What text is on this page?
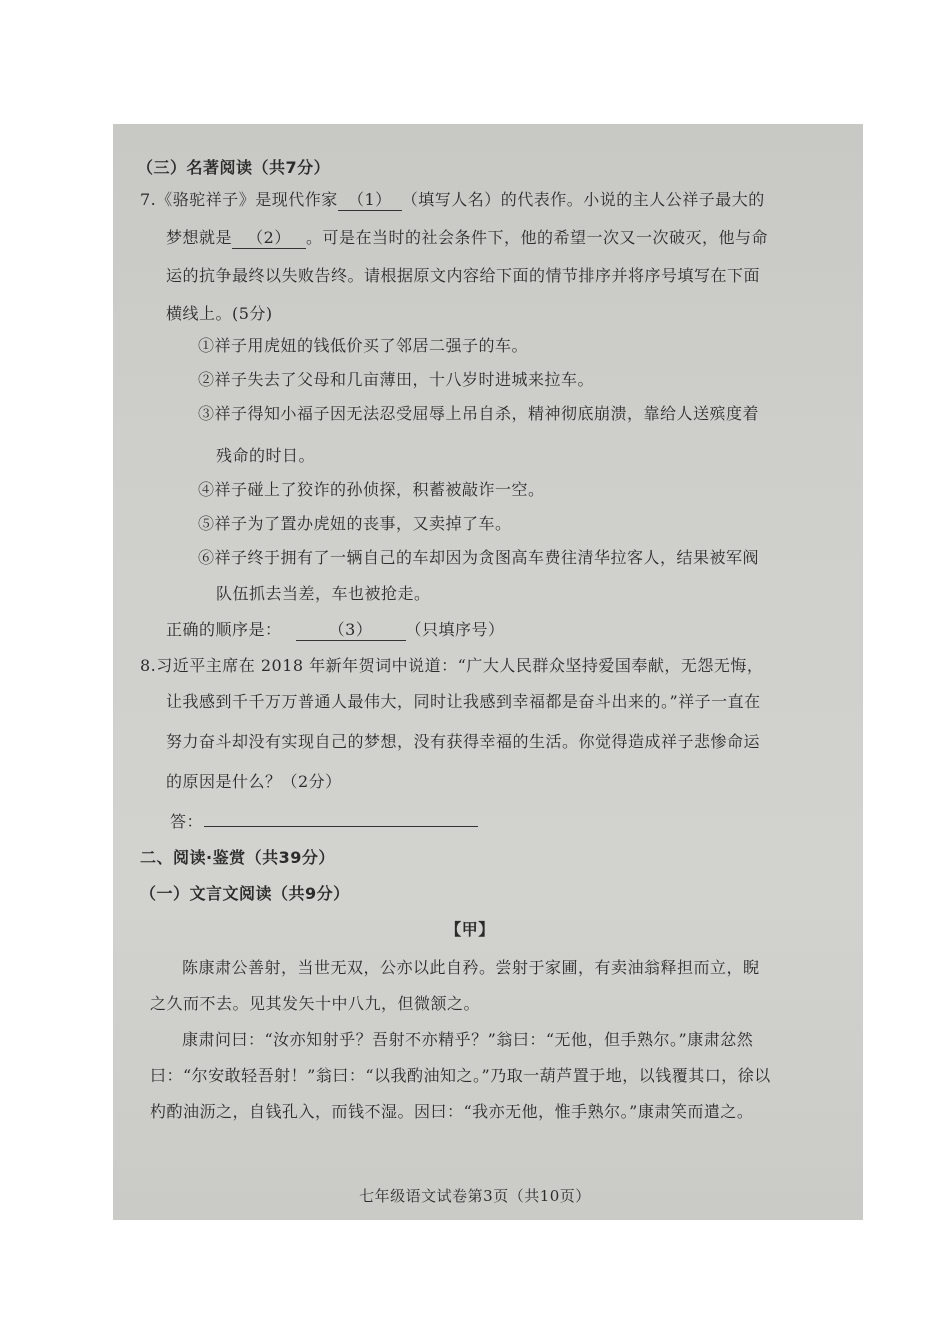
（三）名著阅读（共7分）
7.《骆驼祥子》是现代作家 （1） （填写人名）的代表作。小说的主人公祥子最大的
梦想就是 （2） 。可是在当时的社会条件下，他的希望一次又一次破灭，他与命
运的抗争最终以失败告终。请根据原文内容给下面的情节排序并将序号填写在下面
横线上。(5分)
①祥子用虎妞的钱低价买了邻居二强子的车。
②祥子失去了父母和几亩薄田，十八岁时进城来拉车。
③祥子得知小福子因无法忍受屈辱上吊自杀，精神彻底崩溃，靠给人送殡度着
残命的时日。
④祥子碰上了狡诈的孙侦探，积蓄被敲诈一空。
⑤祥子为了置办虎妞的丧事，又卖掉了车。
⑥祥子终于拥有了一辆自己的车却因为贪图高车费往清华拉客人，结果被军阀
队伍抓去当差，车也被抢走。
正确的顺序是：	（3） （只填序号）
8.习近平主席在 2018 年新年贺词中说道：“广大人民群众坚持爱国奉献，无怨无悔，
让我感到千千万万普通人最伟大，同时让我感到幸福都是奋斗出来的。”祥子一直在
努力奋斗却没有实现自己的梦想，没有获得幸福的生活。你觉得造成祥子悲惨命运
的原因是什么？（2分）
答：
二、阅读·鉴赏（共39分）
（一）文言文阅读（共9分）
【甲】
陈康肃公善射，当世无双，公亦以此自矜。尝射于家圃，有卖油翁释担而立，睨
之久而不去。见其发矢十中八九，但微颔之。
康肃问曰：“汝亦知射乎？吾射不亦精乎？”翁曰：“无他，但手熟尔。”康肃忿然
曰：“尔安敢轻吾射！”翁曰：“以我酌油知之。”乃取一葫芦置于地，以钱覆其口，徐以
杓酌油沥之，自钱孔入，而钱不湿。因曰：“我亦无他，惟手熟尔。”康肃笑而遣之。
七年级语文试卷第3页（共10页）
